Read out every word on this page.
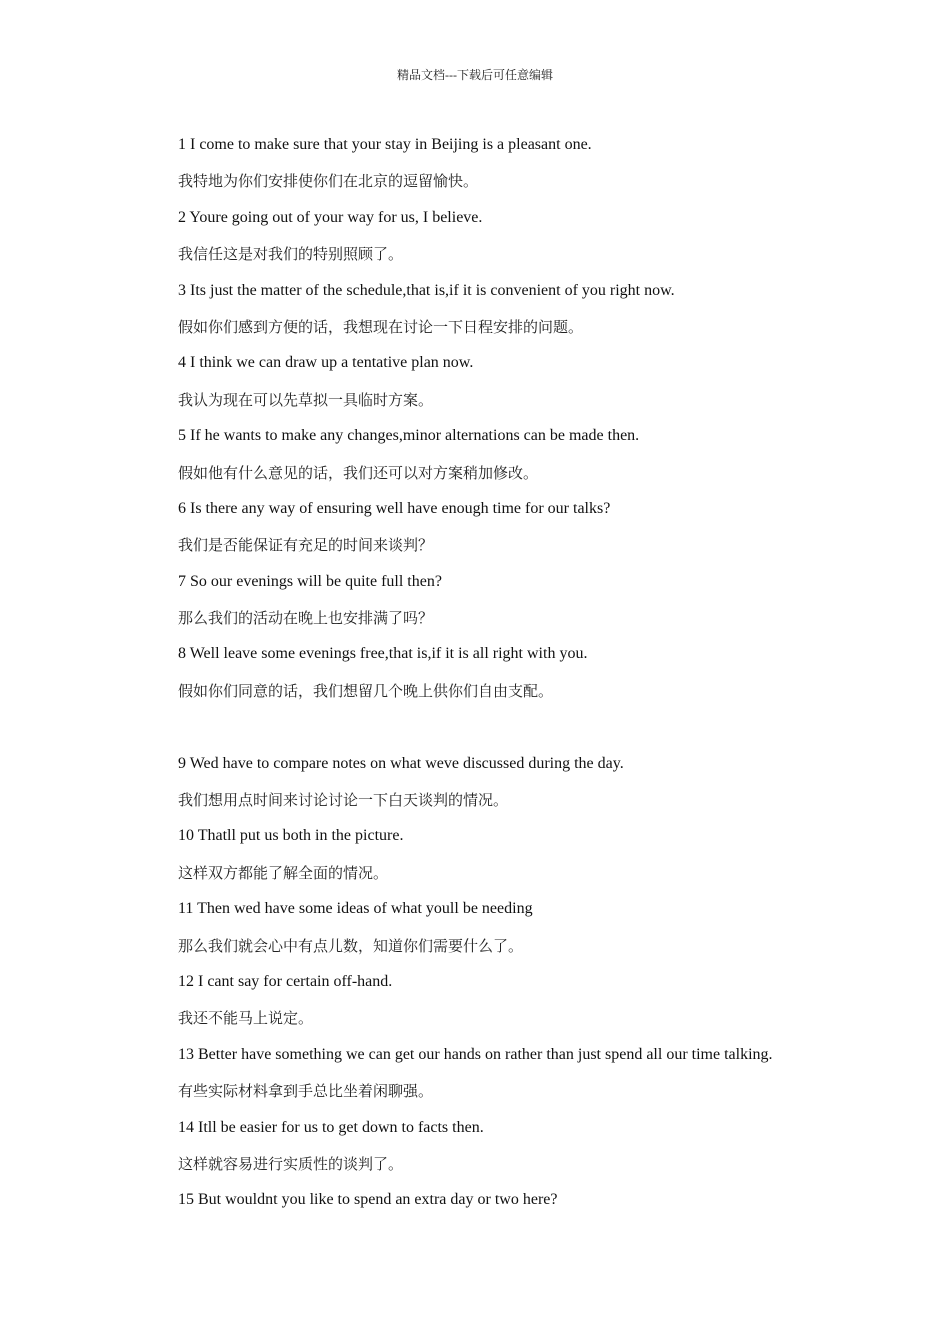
精品文档---下载后可任意编辑
1 I come to make sure that your stay in Beijing is a pleasant one.
我特地为你们安排使你们在北京的逗留愉快。
2 Youre going out of your way for us, I believe.
我信任这是对我们的特别照顾了。
3 Its just the matter of the schedule,that is,if it is convenient of you right now.
假如你们感到方便的话，我想现在讨论一下日程安排的问题。
4 I think we can draw up a tentative plan now.
我认为现在可以先草拟一具临时方案。
5 If he wants to make any changes,minor alternations can be made then.
假如他有什么意见的话，我们还可以对方案稍加修改。
6 Is there any way of ensuring well have enough time for our talks?
我们是否能保证有充足的时间来谈判？
7 So our evenings will be quite full then?
那么我们的活动在晚上也安排满了吗？
8 Well leave some evenings free,that is,if it is all right with you.
假如你们同意的话，我们想留几个晚上供你们自由支配。
9 Wed have to compare notes on what weve discussed during the day.
我们想用点时间来讨论讨论一下白天谈判的情况。
10 Thatll put us both in the picture.
这样双方都能了解全面的情况。
11 Then wed have some ideas of what youll be needing
那么我们就会心中有点儿数，知道你们需要什么了。
12 I cant say for certain off-hand.
我还不能马上说定。
13 Better have something we can get our hands on rather than just spend all our time talking.
有些实际材料拿到手总比坐着闲聊强。
14 Itll be easier for us to get down to facts then.
这样就容易进行实质性的谈判了。
15 But wouldnt you like to spend an extra day or two here?
